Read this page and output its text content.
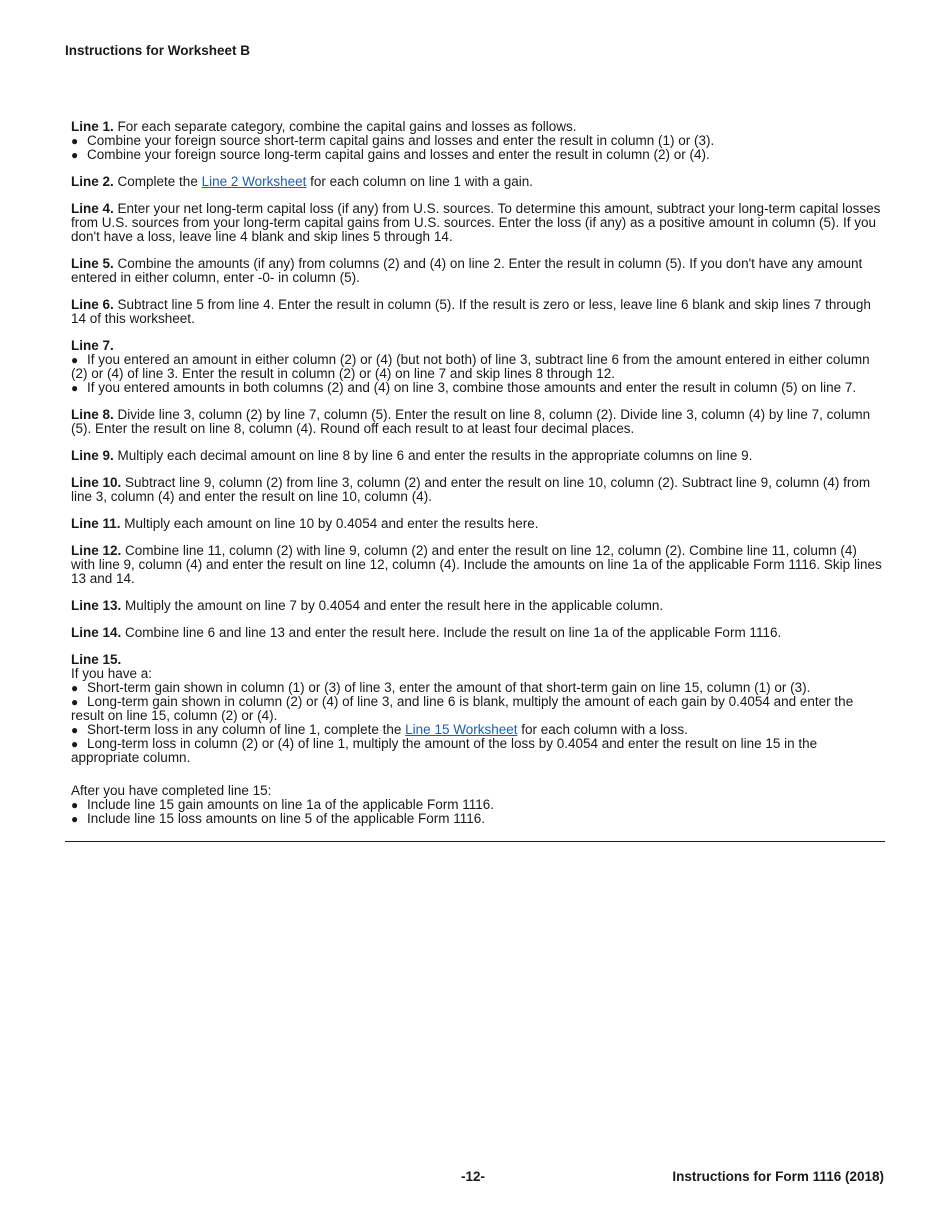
Instructions for Worksheet B

Line 1. For each separate category, combine the capital gains and losses as follows.

● Combine your foreign source short-term capital gains and losses and enter the result in column (1) or (3).
● Combine your foreign source long-term capital gains and losses and enter the result in column (2) or (4).

Line 2. Complete the Line 2 Worksheet for each column on line 1 with a gain.

Line 4. Enter your net long-term capital loss (if any) from U.S. sources. To determine this amount, subtract your long-term capital losses from U.S. sources from your long-term capital gains from U.S. sources. Enter the loss (if any) as a positive amount in column (5). If you don't have a loss, leave line 4 blank and skip lines 5 through 14.

Line 5. Combine the amounts (if any) from columns (2) and (4) on line 2. Enter the result in column (5). If you don't have any amount entered in either column, enter -0- in column (5).

Line 6. Subtract line 5 from line 4. Enter the result in column (5). If the result is zero or less, leave line 6 blank and skip lines 7 through 14 of this worksheet.

Line 7.

● If you entered an amount in either column (2) or (4) (but not both) of line 3, subtract line 6 from the amount entered in either column (2) or (4) of line 3. Enter the result in column (2) or (4) on line 7 and skip lines 8 through 12.
● If you entered amounts in both columns (2) and (4) on line 3, combine those amounts and enter the result in column (5) on line 7.

Line 8. Divide line 3, column (2) by line 7, column (5). Enter the result on line 8, column (2). Divide line 3, column (4) by line 7, column (5). Enter the result on line 8, column (4). Round off each result to at least four decimal places.

Line 9. Multiply each decimal amount on line 8 by line 6 and enter the results in the appropriate columns on line 9.

Line 10. Subtract line 9, column (2) from line 3, column (2) and enter the result on line 10, column (2). Subtract line 9, column (4) from line 3, column (4) and enter the result on line 10, column (4).

Line 11. Multiply each amount on line 10 by 0.4054 and enter the results here.

Line 12. Combine line 11, column (2) with line 9, column (2) and enter the result on line 12, column (2). Combine line 11, column (4) with line 9, column (4) and enter the result on line 12, column (4). Include the amounts on line 1a of the applicable Form 1116. Skip lines 13 and 14.

Line 13. Multiply the amount on line 7 by 0.4054 and enter the result here in the applicable column.

Line 14. Combine line 6 and line 13 and enter the result here. Include the result on line 1a of the applicable Form 1116.

Line 15.

If you have a:

● Short-term gain shown in column (1) or (3) of line 3, enter the amount of that short-term gain on line 15, column (1) or (3).
● Long-term gain shown in column (2) or (4) of line 3, and line 6 is blank, multiply the amount of each gain by 0.4054 and enter the result on line 15, column (2) or (4).
● Short-term loss in any column of line 1, complete the Line 15 Worksheet for each column with a loss.
● Long-term loss in column (2) or (4) of line 1, multiply the amount of the loss by 0.4054 and enter the result on line 15 in the appropriate column.

After you have completed line 15:

● Include line 15 gain amounts on line 1a of the applicable Form 1116.
● Include line 15 loss amounts on line 5 of the applicable Form 1116.
-12-	Instructions for Form 1116 (2018)
